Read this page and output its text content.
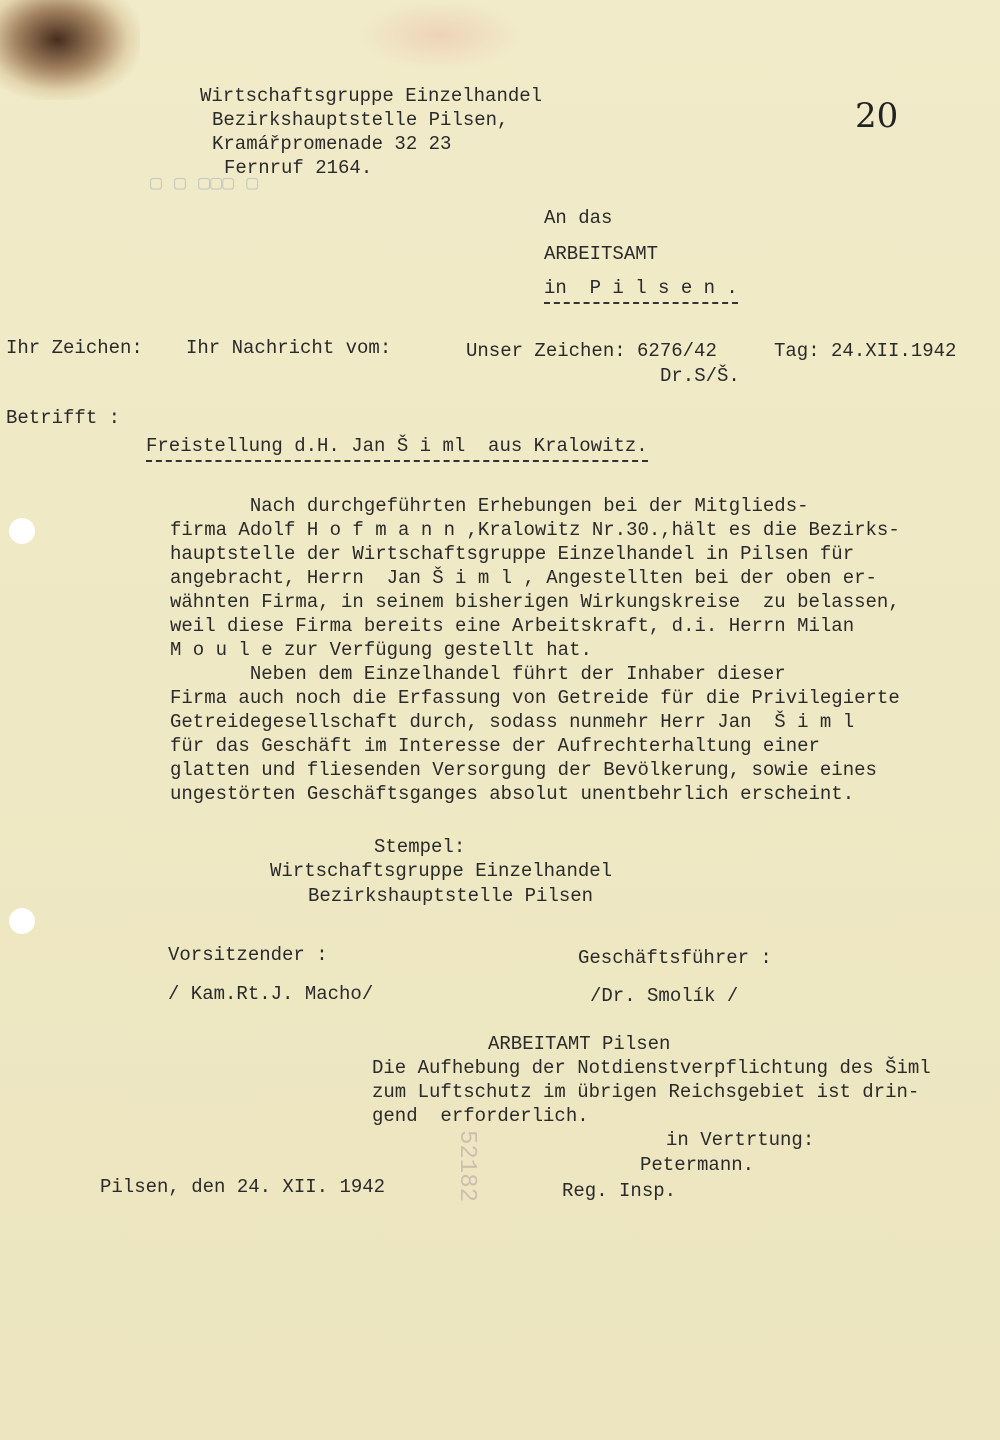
▢ ▢ ▢▢▢ ▢
20
Wirtschaftsgruppe Einzelhandel
Bezirkshauptstelle Pilsen,
Kramářpromenade 32 23
Fernruf 2164.
An das
ARBEITSAMT
in  P i l s e n .
Ihr Zeichen: Ihr Nachricht vom:	Unser Zeichen: 6276/42	Tag: 24.XII.1942
Dr.S/Š.
Betrifft :
Freistellung d.H. Jan Š i ml  aus Kralowitz.
Nach durchgeführten Erhebungen bei der Mitglieds-
firma Adolf H o f m a n n ,Kralowitz Nr.30.,hält es die Bezirks-
hauptstelle der Wirtschaftsgruppe Einzelhandel in Pilsen für
angebracht, Herrn  Jan Š i m l , Angestellten bei der oben er-
wähnten Firma, in seinem bisherigen Wirkungskreise  zu belassen,
weil diese Firma bereits eine Arbeitskraft, d.i. Herrn Milan
M o u l e zur Verfügung gestellt hat.
Neben dem Einzelhandel führt der Inhaber dieser
Firma auch noch die Erfassung von Getreide für die Privilegierte
Getreidegesellschaft durch, sodass nunmehr Herr Jan  Š i m l
für das Geschäft im Interesse der Aufrechterhaltung einer
glatten und fliesenden Versorgung der Bevölkerung, sowie eines
ungestörten Geschäftsganges absolut unentbehrlich erscheint.
Stempel:
Wirtschaftsgruppe Einzelhandel
Bezirkshauptstelle Pilsen
Vorsitzender :
/ Kam.Rt.J. Macho/
Geschäftsführer :
/Dr. Smolík /
ARBEITAMT Pilsen
Die Aufhebung der Notdienstverpflichtung des Šiml
zum Luftschutz im übrigen Reichsgebiet ist drin-
gend  erforderlich.
in Vertrtung:
Petermann.
Reg. Insp.
Pilsen, den 24. XII. 1942	52182
